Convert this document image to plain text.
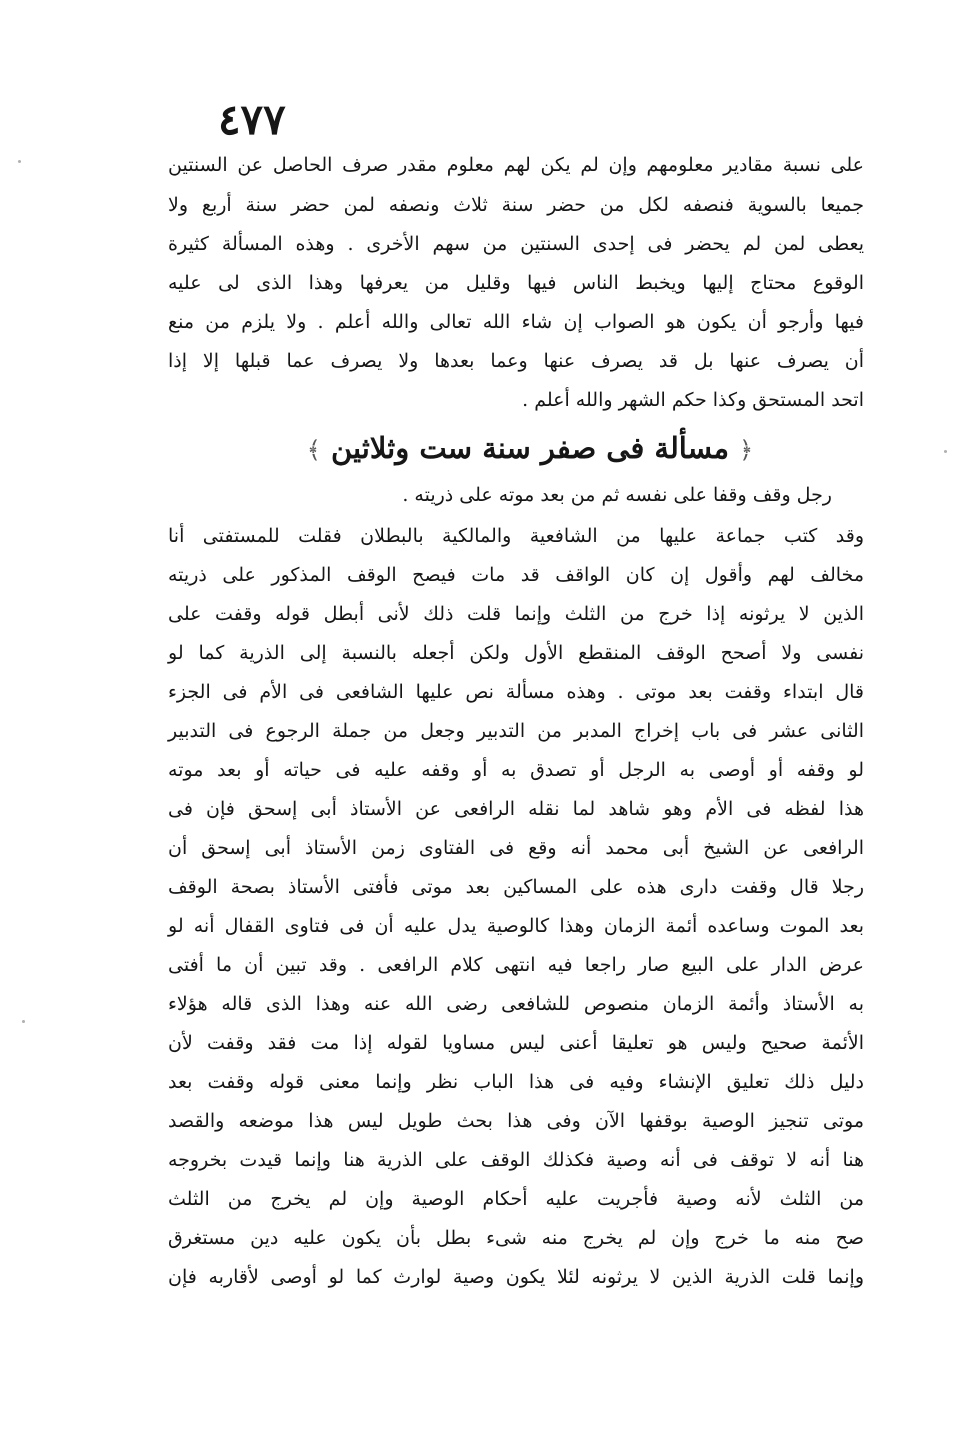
٤٧٧
على نسبة مقادير معلومهم وإن لم يكن لهم معلوم مقدر صرف الحاصل عن السنتين
جميعا بالسوية فنصفه لكل من حضر سنة ثلاث ونصفه لمن حضر سنة أربع ولا
يعطى لمن لم يحضر فى إحدى السنتين من سهم الأخرى . وهذه المسألة كثيرة
الوقوع محتاج إليها ويخبط الناس فيها وقليل من يعرفها وهذا الذى لى عليه
فيها وأرجو أن يكون هو الصواب إن شاء الله تعالى والله أعلم . ولا يلزم من منع
أن يصرف عنها بل قد يصرف عنها وعما بعدها ولا يصرف عما قبلها إلا إذا
اتحد المستحق وكذا حكم الشهر والله أعلم .
﴿ مسألة فى صفر سنة ست وثلاثين ﴾
رجل وقف وقفا على نفسه ثم من بعد موته على ذريته .
وقد كتب جماعة عليها من الشافعية والمالكية بالبطلان فقلت للمستفتى أنا
مخالف لهم وأقول إن كان الواقف قد مات فيصح الوقف المذكور على ذريته
الذين لا يرثونه إذا خرج من الثلث وإنما قلت ذلك لأنى أبطل قوله وقفت على
نفسى ولا أصحح الوقف المنقطع الأول ولكن أجعله بالنسبة إلى الذرية كما لو
قال ابتداء وقفت بعد موتى . وهذه مسألة نص عليها الشافعى فى الأم فى الجزء
الثانى عشر فى باب إخراج المدبر من التدبير وجعل من جملة الرجوع فى التدبير
لو وقفه أو أوصى به الرجل أو تصدق به أو وقفه عليه فى حياته أو بعد موته
هذا لفظه فى الأم وهو شاهد لما نقله الرافعى عن الأستاذ أبى إسحق فإن فى
الرافعى عن الشيخ أبى محمد أنه وقع فى الفتاوى زمن الأستاذ أبى إسحق أن
رجلا قال وقفت دارى هذه على المساكين بعد موتى فأفتى الأستاذ بصحة الوقف
بعد الموت وساعده أئمة الزمان وهذا كالوصية يدل عليه أن فى فتاوى القفال أنه لو
عرض الدار على البيع صار راجعا فيه انتهى كلام الرافعى . وقد تبين أن ما أفتى
به الأستاذ وأئمة الزمان منصوص للشافعى رضى الله عنه وهذا الذى قاله هؤلاء
الأئمة صحيح وليس هو تعليقا أعنى ليس مساويا لقوله إذا مت فقد وقفت لأن
دليل ذلك تعليق الإنشاء وفيه فى هذا الباب نظر وإنما معنى قوله وقفت بعد
موتى تنجيز الوصية بوقفها الآن وفى هذا بحث طويل ليس هذا موضعه والقصد
هنا أنه لا توقف فى أنه وصية فكذلك الوقف على الذرية هنا وإنما قيدت بخروجه
من الثلث لأنه وصية فأجريت عليه أحكام الوصية وإن لم يخرج من الثلث
صح منه ما خرج وإن لم يخرج منه شىء بطل بأن يكون عليه دين مستغرق
وإنما قلت الذرية الذين لا يرثونه لئلا يكون وصية لوارث كما لو أوصى لأقاربه فإن
